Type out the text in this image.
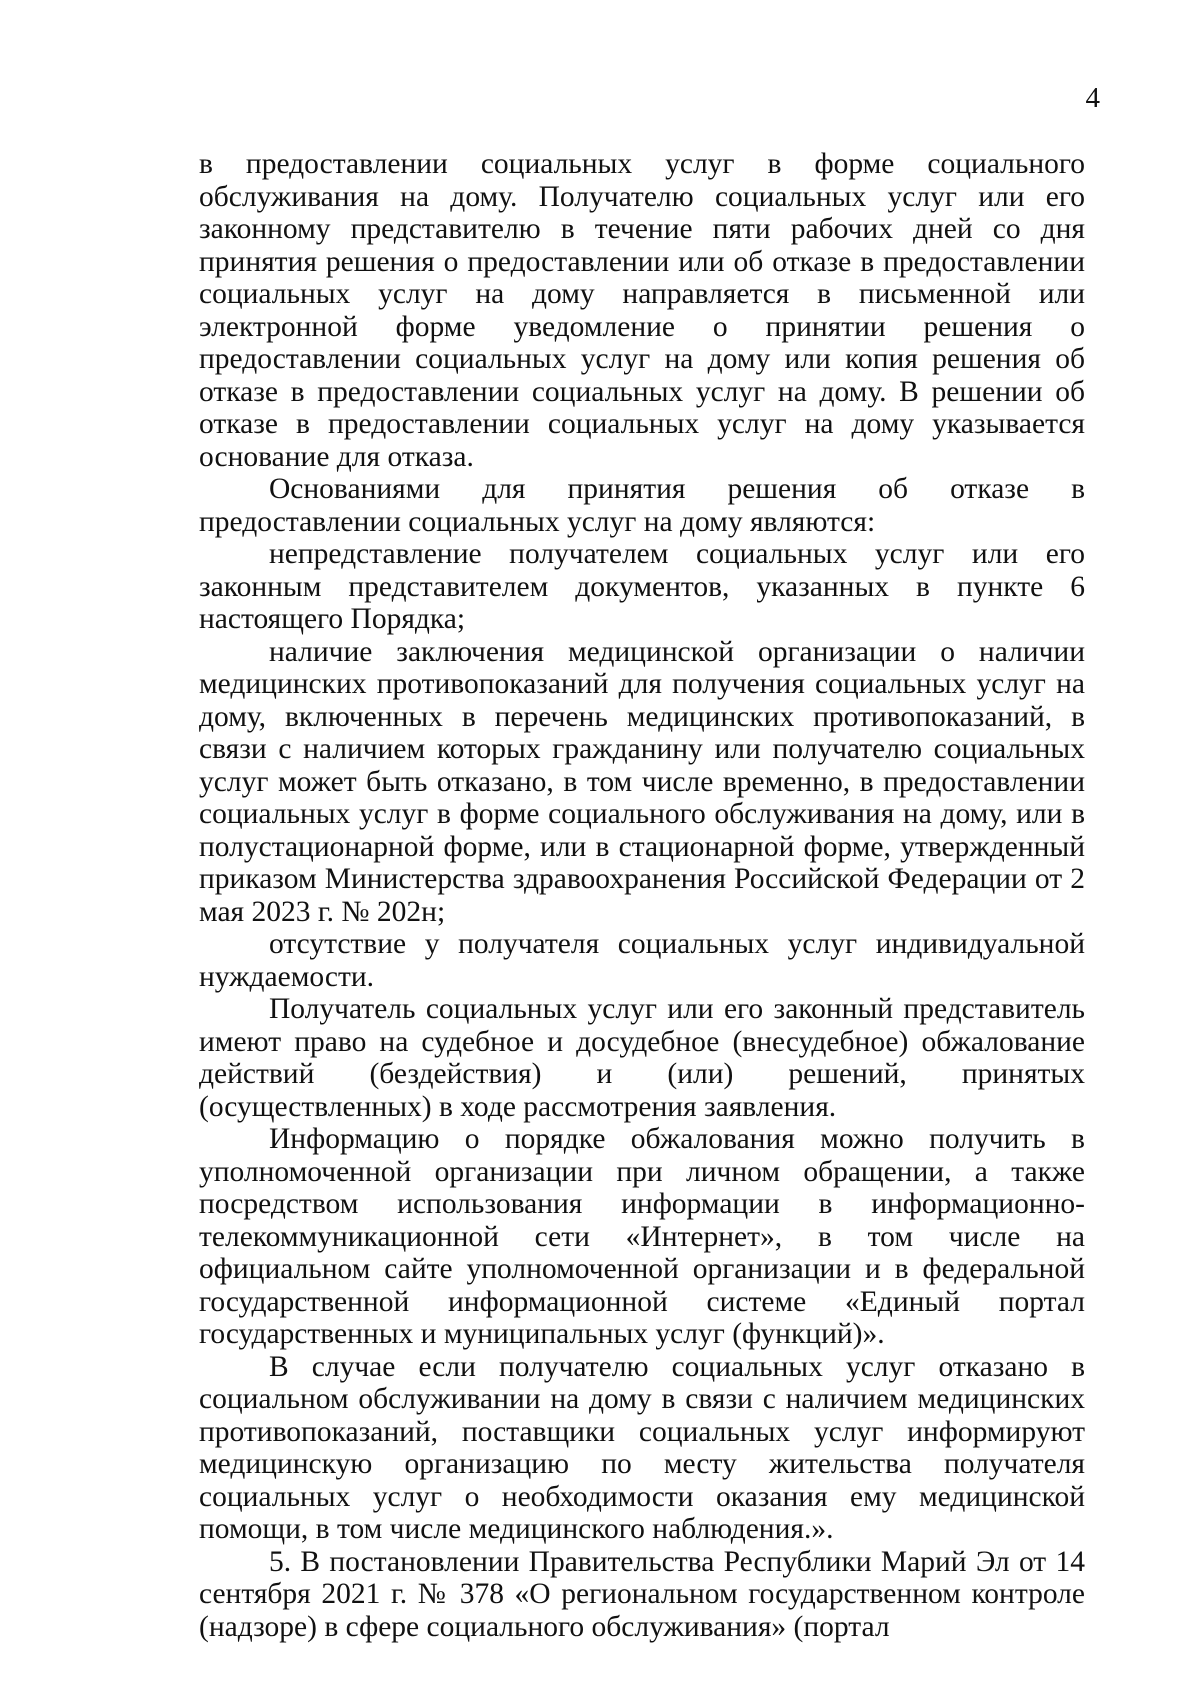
4

в предоставлении социальных услуг в форме социального обслуживания на дому. Получателю социальных услуг или его законному представителю в течение пяти рабочих дней со дня принятия решения о предоставлении или об отказе в предоставлении социальных услуг на дому направляется в письменной или электронной форме уведомление о принятии решения о предоставлении социальных услуг на дому или копия решения об отказе в предоставлении социальных услуг на дому. В решении об отказе в предоставлении социальных услуг на дому указывается основание для отказа.

Основаниями для принятия решения об отказе в предоставлении социальных услуг на дому являются:

непредставление получателем социальных услуг или его законным представителем документов, указанных в пункте 6 настоящего Порядка;

наличие заключения медицинской организации о наличии медицинских противопоказаний для получения социальных услуг на дому, включенных в перечень медицинских противопоказаний, в связи с наличием которых гражданину или получателю социальных услуг может быть отказано, в том числе временно, в предоставлении социальных услуг в форме социального обслуживания на дому, или в полустационарной форме, или в стационарной форме, утвержденный приказом Министерства здравоохранения Российской Федерации от 2 мая 2023 г. № 202н;

отсутствие у получателя социальных услуг индивидуальной нуждаемости.

Получатель социальных услуг или его законный представитель имеют право на судебное и досудебное (внесудебное) обжалование действий (бездействия) и (или) решений, принятых (осуществленных) в ходе рассмотрения заявления.

Информацию о порядке обжалования можно получить в уполномоченной организации при личном обращении, а также посредством использования информации в информационно-телекоммуникационной сети «Интернет», в том числе на официальном сайте уполномоченной организации и в федеральной государственной информационной системе «Единый портал государственных и муниципальных услуг (функций)».

В случае если получателю социальных услуг отказано в социальном обслуживании на дому в связи с наличием медицинских противопоказаний, поставщики социальных услуг информируют медицинскую организацию по месту жительства получателя социальных услуг о необходимости оказания ему медицинской помощи, в том числе медицинского наблюдения.».

5. В постановлении Правительства Республики Марий Эл от 14 сентября 2021 г. № 378 «О региональном государственном контроле (надзоре) в сфере социального обслуживания» (портал
